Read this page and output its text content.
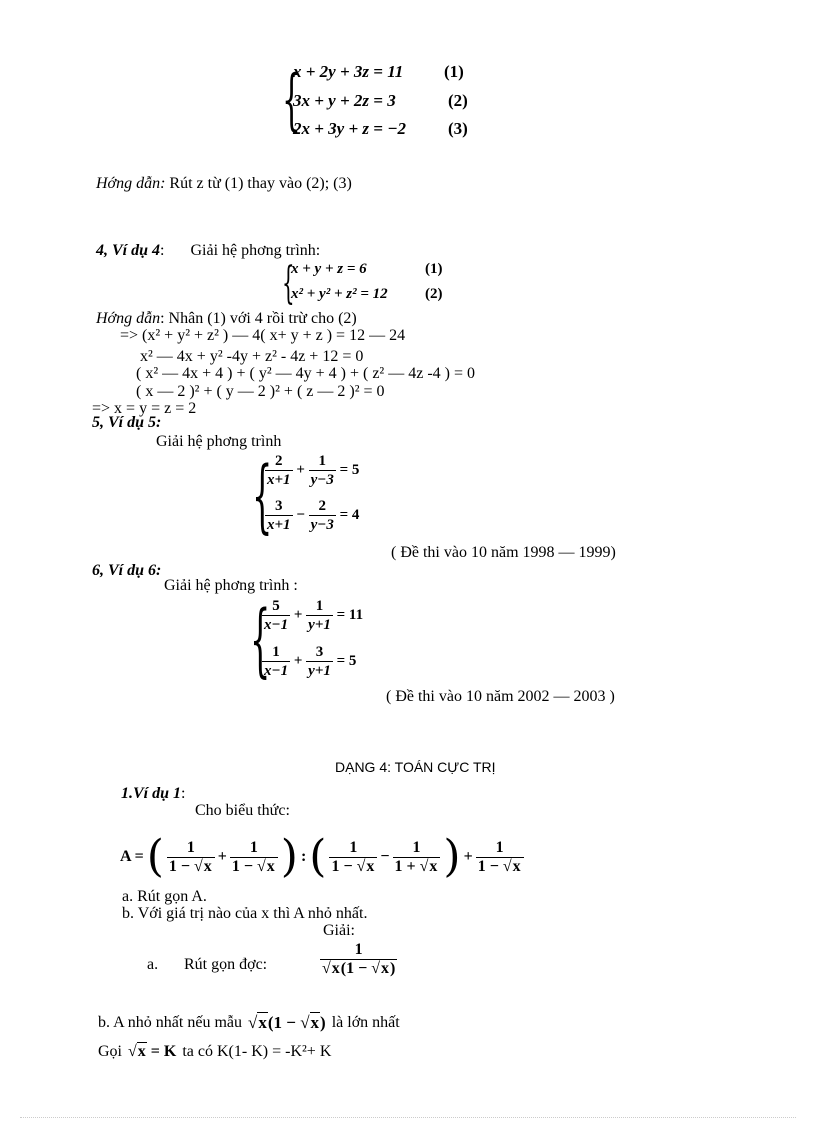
{
x + 2y + 3z = 11 (1)
3x + y + 2z = 3	(2)
2x + 3y + z = −2 (3)
Hớng dẫn: Rút z từ (1) thay vào (2); (3)
4, Ví dụ 4: Giải hệ phơng trình:
{
x + y + z = 6	(1)
x² + y² + z² = 12 (2)
Hớng dẫn: Nhân (1) với 4 rồi trừ cho (2)
=> (x² + y² + z² ) — 4( x+ y + z ) = 12 — 24
x² — 4x + y² -4y + z² - 4z + 12 = 0
( x² — 4x + 4 ) + ( y² — 4y + 4 ) + ( z² — 4z -4 ) = 0
( x — 2 )² + ( y — 2 )² + ( z — 2 )² = 0
=> x = y = z = 2
5, Ví dụ 5:
Giải hệ phơng trình
{
$\frac{2}{x+1} + \frac{1}{y-3} = 5$
$\frac{3}{x+1} - \frac{2}{y-3} = 4$
( Đề thi vào 10 năm 1998 — 1999)
6, Ví dụ 6:
Giải hệ phơng trình :
{
$\frac{5}{x-1} + \frac{1}{y+1} = 11$
$\frac{1}{x-1} + \frac{3}{y+1} = 5$
( Đề thi vào 10 năm 2002 — 2003 )
DẠNG 4: TOÁN CỰC TRỊ
1.Ví dụ 1:
Cho biểu thức:
A = ( $\frac{1}{1 - √x} + \frac{1}{1 - √x}$ ) : ( $\frac{1}{1 - √x} - \frac{1}{1 + √x}$ ) + $\frac{1}{1 - √x}$
a. Rút gọn A.
b. Với giá trị nào của x thì A nhỏ nhất.
Giải:
a. Rút gọn đợc:	$\frac{1}{√x(1 - √x)}$
b. A nhỏ nhất nếu mẫu √x(1 − √x) là lớn nhất
Gọi √x = K ta có K(1- K) = -K²+ K
